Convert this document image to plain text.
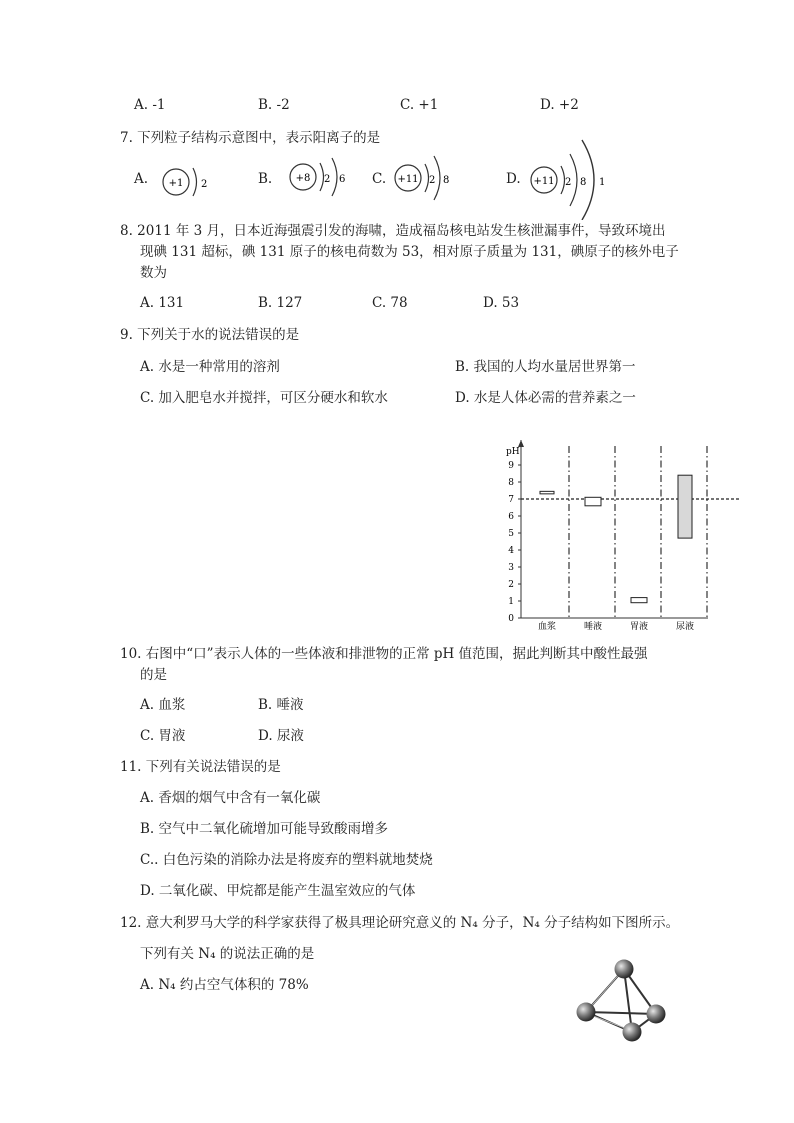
A. -1	B. -2	C. +1	D. +2
7. 下列粒子结构示意图中，表示阳离子的是
A. +1 2	B. +8 2 6 C. +11 2 8	D. +11 2 8 1
8. 2011 年 3 月，日本近海强震引发的海啸，造成福岛核电站发生核泄漏事件，导致环境出
现碘 131 超标，碘 131 原子的核电荷数为 53，相对原子质量为 131，碘原子的核外电子
数为
A. 131	B. 127	C. 78	D. 53
9. 下列关于水的说法错误的是
A. 水是一种常用的溶剂	B. 我国的人均水量居世界第一
C. 加入肥皂水并搅拌，可区分硬水和软水	D. 水是人体必需的营养素之一
pH
0
1
2
3
4
5
6
7
8
9
血浆	唾液	胃液	尿液
10. 右图中“口”表示人体的一些体液和排泄物的正常 pH 值范围，据此判断其中酸性最强
的是
A. 血浆	B. 唾液
C. 胃液	D. 尿液
11. 下列有关说法错误的是
A. 香烟的烟气中含有一氧化碳
B. 空气中二氧化硫增加可能导致酸雨增多
C.. 白色污染的消除办法是将废弃的塑料就地焚烧
D. 二氧化碳、甲烷都是能产生温室效应的气体
12. 意大利罗马大学的科学家获得了极具理论研究意义的 N₄ 分子，N₄ 分子结构如下图所示。
下列有关 N₄ 的说法正确的是
A. N₄ 约占空气体积的 78%
